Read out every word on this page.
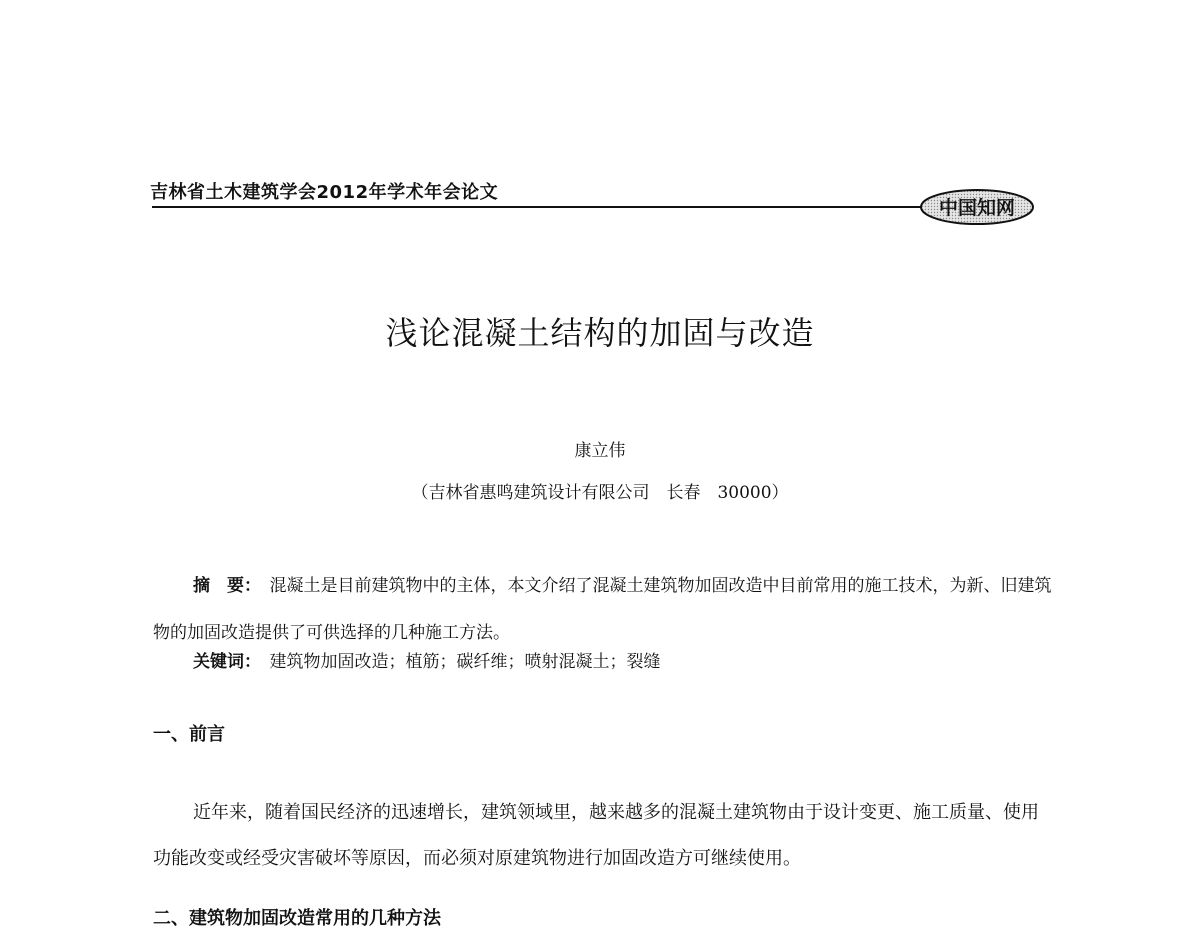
吉林省土木建筑学会2012年学术年会论文
中国知网
浅论混凝土结构的加固与改造
康立伟
（吉林省惠鸣建筑设计有限公司　长春　30000）

摘　要：　 混凝土是目前建筑物中的主体，本文介绍了混凝土建筑物加固改造中目前常用的施工技术，为新、旧建筑物的加固改造提供了可供选择的几种施工方法。

关键词：　 建筑物加固改造；植筋；碳纤维；喷射混凝土；裂缝
一、前言

近年来，随着国民经济的迅速增长，建筑领域里，越来越多的混凝土建筑物由于设计变更、施工质量、使用功能改变或经受灾害破坏等原因，而必须对原建筑物进行加固改造方可继续使用。

二、建筑物加固改造常用的几种方法
